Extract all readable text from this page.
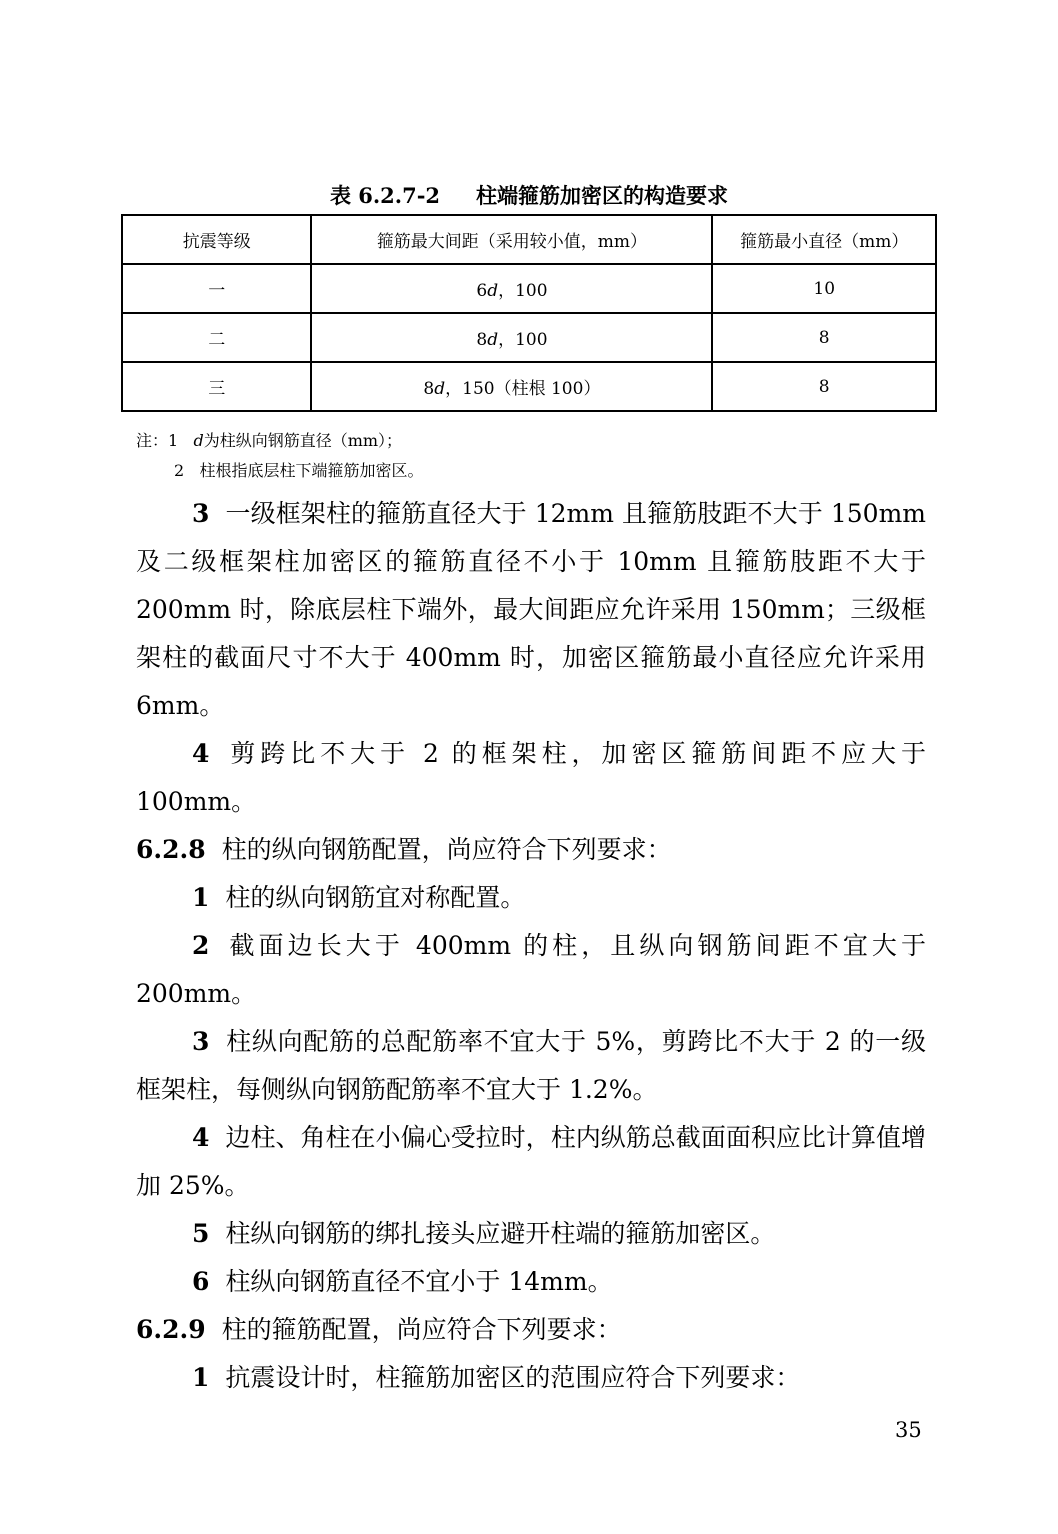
表 6.2.7-2 柱端箍筋加密区的构造要求
抗震等级	箍筋最大间距（采用较小值，mm）	箍筋最小直径（mm）
一	6d，100	10
二	8d，100	8
三	8d，150（柱根 100）	8
注：1 d为柱纵向钢筋直径（mm）；
2 柱根指底层柱下端箍筋加密区。

3 一级框架柱的箍筋直径大于 12mm 且箍筋肢距不大于 150mm 及二级框架柱加密区的箍筋直径不小于 10mm 且箍筋肢距不大于 200mm 时，除底层柱下端外，最大间距应允许采用 150mm；三级框架柱的截面尺寸不大于 400mm 时，加密区箍筋最小直径应允许采用 6mm。

4 剪跨比不大于 2 的框架柱，加密区箍筋间距不应大于 100mm。

6.2.8 柱的纵向钢筋配置，尚应符合下列要求：

1 柱的纵向钢筋宜对称配置。

2 截面边长大于 400mm 的柱，且纵向钢筋间距不宜大于 200mm。

3 柱纵向配筋的总配筋率不宜大于 5%，剪跨比不大于 2 的一级框架柱，每侧纵向钢筋配筋率不宜大于 1.2%。

4 边柱、角柱在小偏心受拉时，柱内纵筋总截面面积应比计算值增加 25%。

5 柱纵向钢筋的绑扎接头应避开柱端的箍筋加密区。

6 柱纵向钢筋直径不宜小于 14mm。

6.2.9 柱的箍筋配置，尚应符合下列要求：

1 抗震设计时，柱箍筋加密区的范围应符合下列要求：

35
